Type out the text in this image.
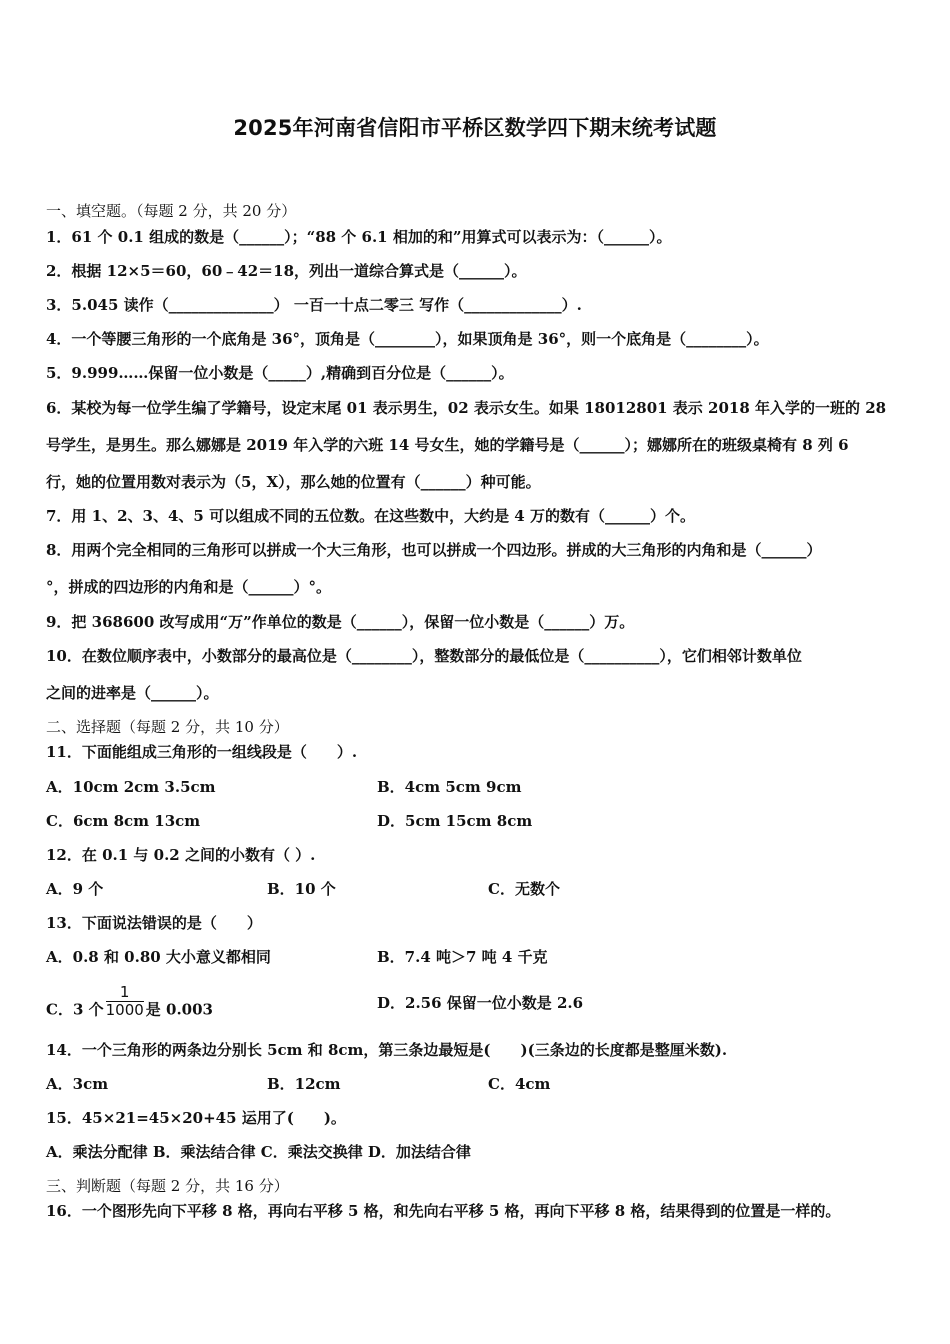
2025年河南省信阳市平桥区数学四下期末统考试题
一、填空题。（每题 2 分，共 20 分）
1．61 个 0.1 组成的数是（______）；“88 个 6.1 相加的和”用算式可以表示为：（______）。
2．根据 12×5＝60，60﹣42＝18，列出一道综合算式是（______）。
3．5.045 读作（______________） 一百一十点二零三 写作（_____________）.
4．一个等腰三角形的一个底角是 36°，顶角是（________），如果顶角是 36°，则一个底角是（________）。
5．9.999……保留一位小数是（_____）,精确到百分位是（______）。
6．某校为每一位学生编了学籍号，设定末尾 01 表示男生，02 表示女生。如果 18012801 表示 2018 年入学的一班的 28
号学生，是男生。那么娜娜是 2019 年入学的六班 14 号女生，她的学籍号是（______）；娜娜所在的班级桌椅有 8 列 6
行，她的位置用数对表示为（5，X），那么她的位置有（______）种可能。
7．用 1、2、3、4、5 可以组成不同的五位数。在这些数中，大约是 4 万的数有（______）个。
8．用两个完全相同的三角形可以拼成一个大三角形，也可以拼成一个四边形。拼成的大三角形的内角和是（______）
°，拼成的四边形的内角和是（______）°。
9．把 368600 改写成用“万”作单位的数是（______），保留一位小数是（______）万。
10．在数位顺序表中，小数部分的最高位是（________），整数部分的最低位是（__________），它们相邻计数单位
之间的进率是（______）。
二、选择题（每题 2 分，共 10 分）
11．下面能组成三角形的一组线段是（　　）.
A．10cm 2cm 3.5cm	B．4cm 5cm 9cm
C．6cm 8cm 13cm	D．5cm 15cm 8cm
12．在 0.1 与 0.2 之间的小数有（ ）.
A．9 个	B．10 个	C．无数个
13．下面说法错误的是（　　）
A．0.8 和 0.80 大小意义都相同	B．7.4 吨＞7 吨 4 千克
C．3 个 $\frac{1}{1000}$ 是 0.003	D．2.56 保留一位小数是 2.6
14．一个三角形的两条边分别长 5cm 和 8cm，第三条边最短是(　　)(三条边的长度都是整厘米数).
A．3cm	B．12cm	C．4cm
15．45×21=45×20+45 运用了(　　)。
A．乘法分配律 B．乘法结合律 C．乘法交换律 D．加法结合律
三、判断题（每题 2 分，共 16 分）
16．一个图形先向下平移 8 格，再向右平移 5 格，和先向右平移 5 格，再向下平移 8 格，结果得到的位置是一样的。
